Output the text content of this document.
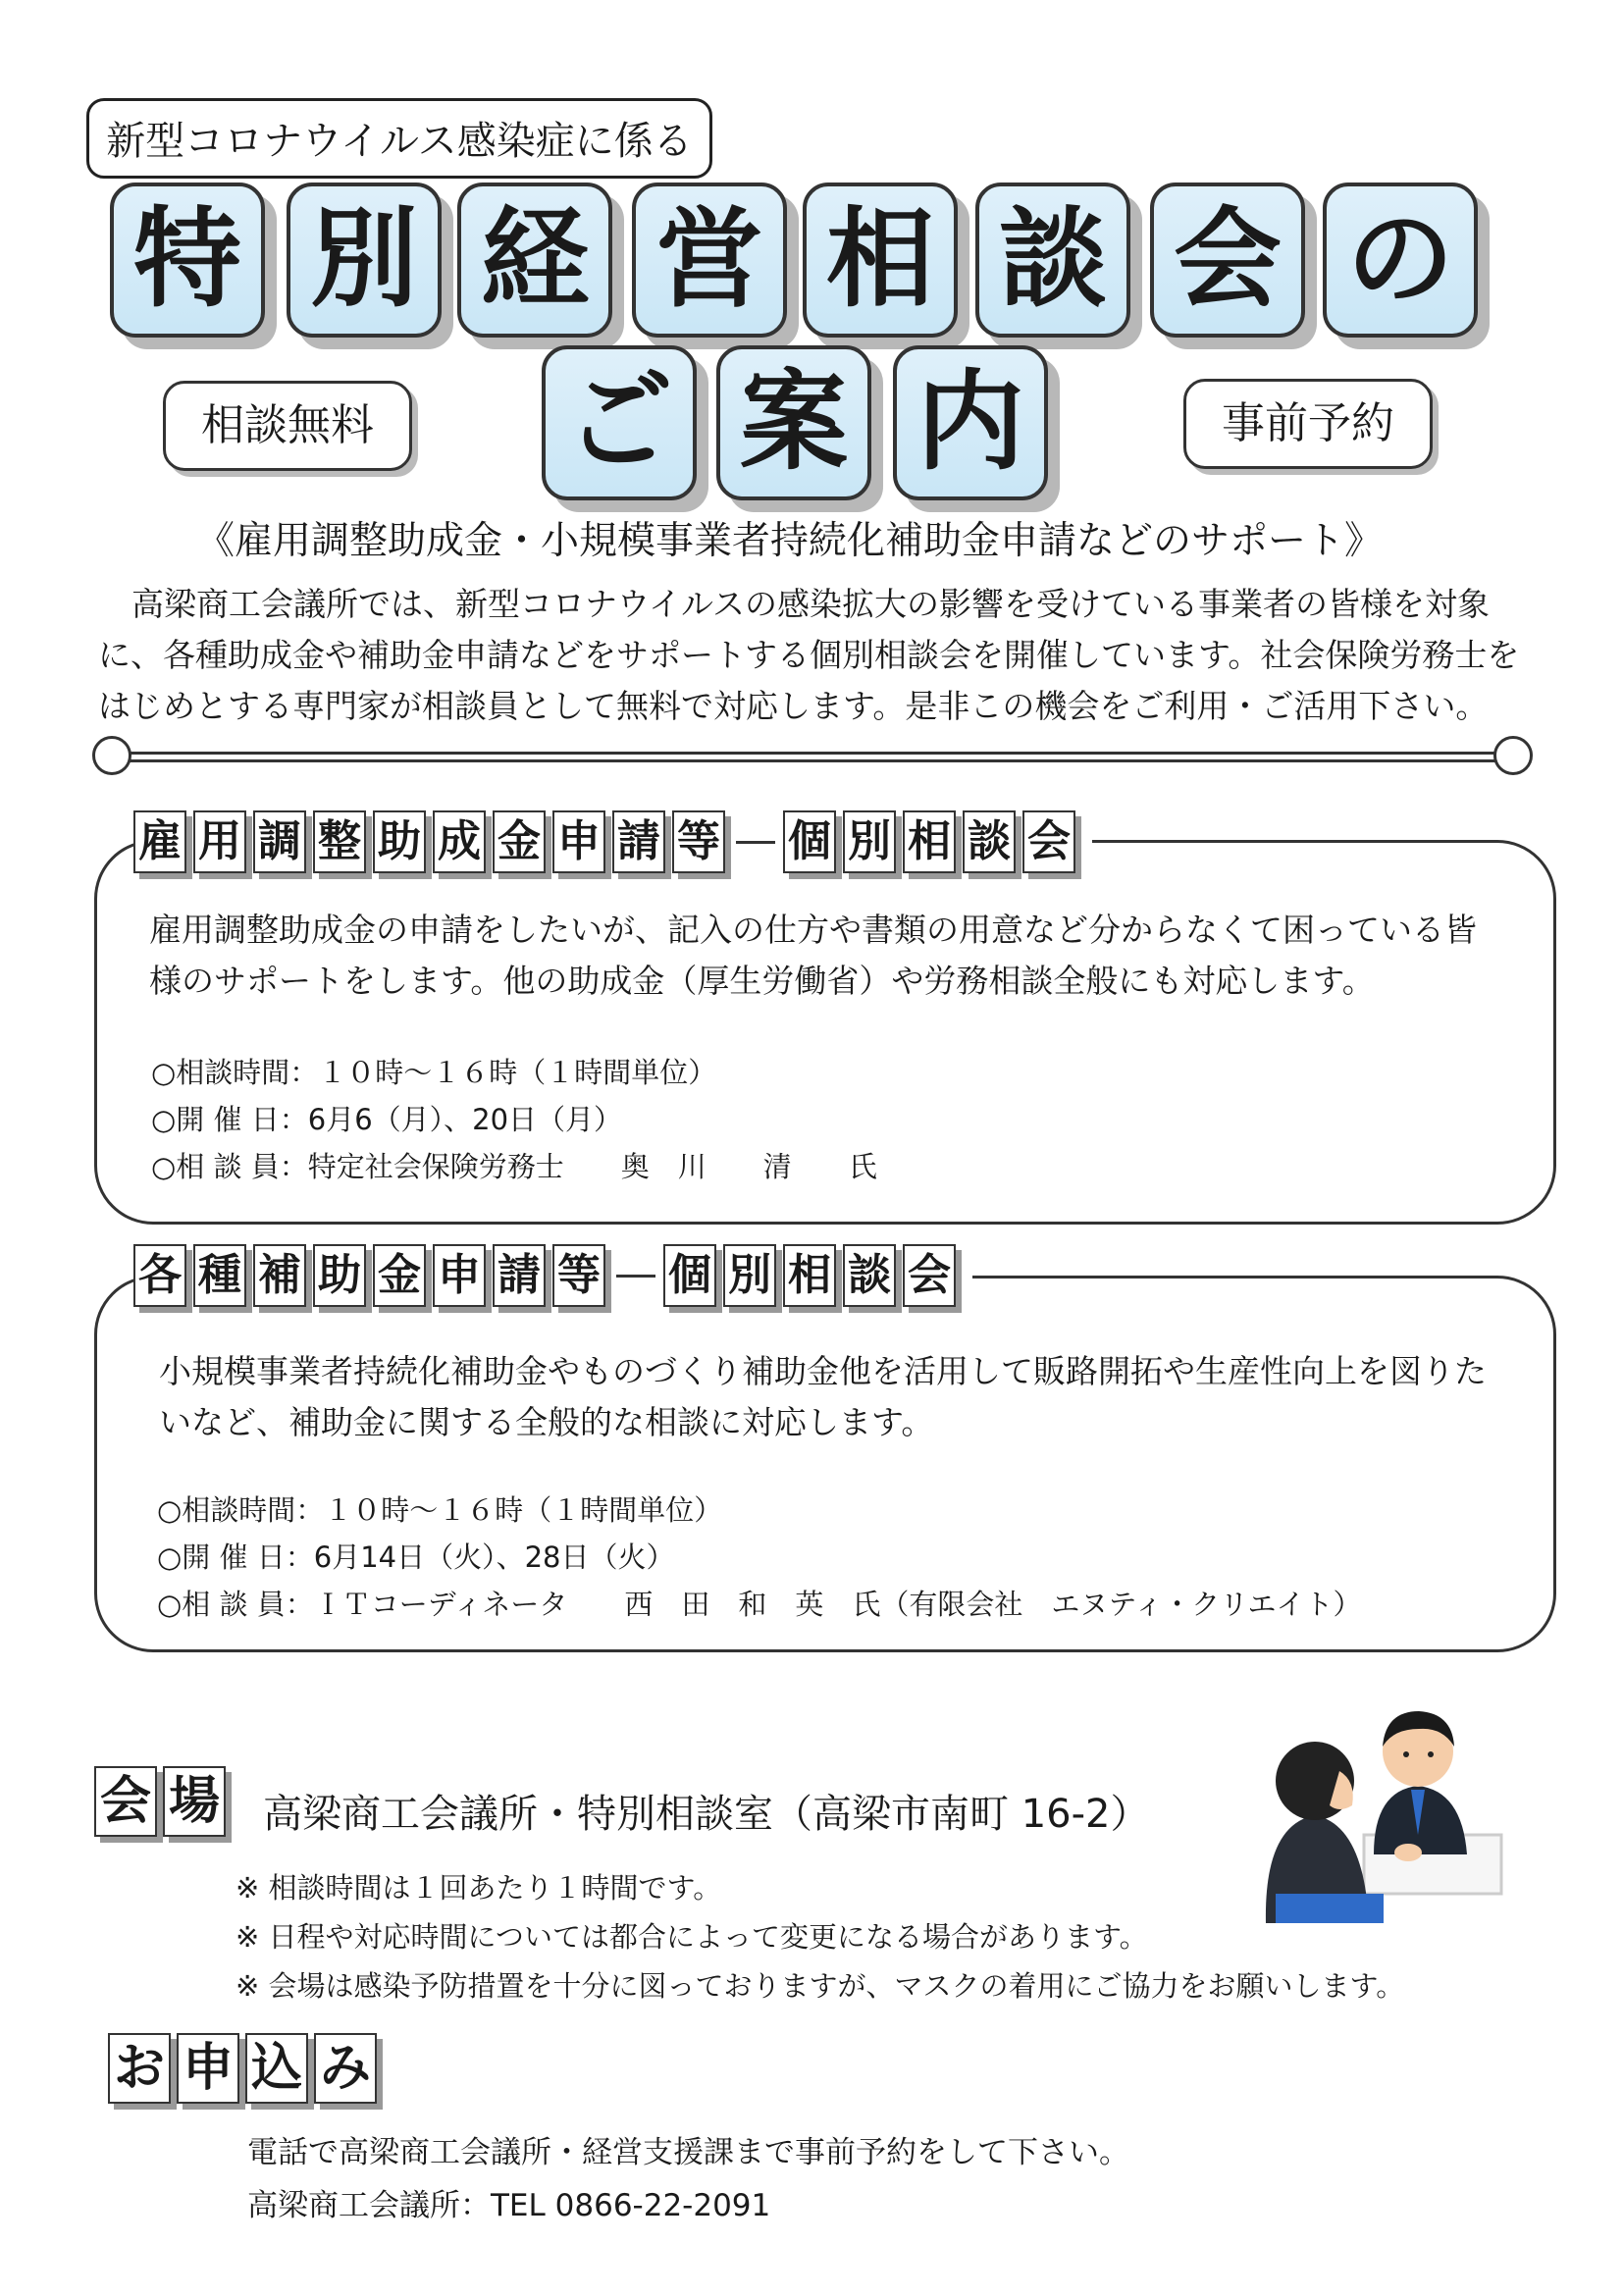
新型コロナウイルス感染症に係る
特 別 経 営 相 談 会 の
相談無料	ご 案 内	事前予約
《雇用調整助成金・小規模事業者持続化補助金申請などのサポート》
高梁商工会議所では、新型コロナウイルスの感染拡大の影響を受けている事業者の皆様を対象に、各種助成金や補助金申請などをサポートする個別相談会を開催しています。社会保険労務士をはじめとする専門家が相談員として無料で対応します。是非この機会をご利用・ご活用下さい。
雇 用 調 整 助 成 金 申 請 等 個 別 相 談 会
雇用調整助成金の申請をしたいが、記入の仕方や書類の用意など分からなくて困っている皆様のサポートをします。他の助成金（厚生労働省）や労務相談全般にも対応します。
○相談時間：１０時～１６時（１時間単位）
○開 催 日：6月6（月）、20日（月）
○相 談 員：特定社会保険労務士　　奥　川　　清　　氏
各 種 補 助 金 申 請 等 個 別 相 談 会
小規模事業者持続化補助金やものづくり補助金他を活用して販路開拓や生産性向上を図りたいなど、補助金に関する全般的な相談に対応します。
○相談時間：１０時～１６時（１時間単位）
○開 催 日：6月14日（火）、28日（火）
○相 談 員：ＩＴコーディネータ　　西　田　和　英　氏（有限会社　エヌティ・クリエイト）
会 場 高梁商工会議所・特別相談室（高梁市南町 16-2）
※ 相談時間は１回あたり１時間です。
※ 日程や対応時間については都合によって変更になる場合があります。
※ 会場は感染予防措置を十分に図っておりますが、マスクの着用にご協力をお願いします。
お 申 込 み
電話で高梁商工会議所・経営支援課まで事前予約をして下さい。
高梁商工会議所：TEL 0866-22-2091
